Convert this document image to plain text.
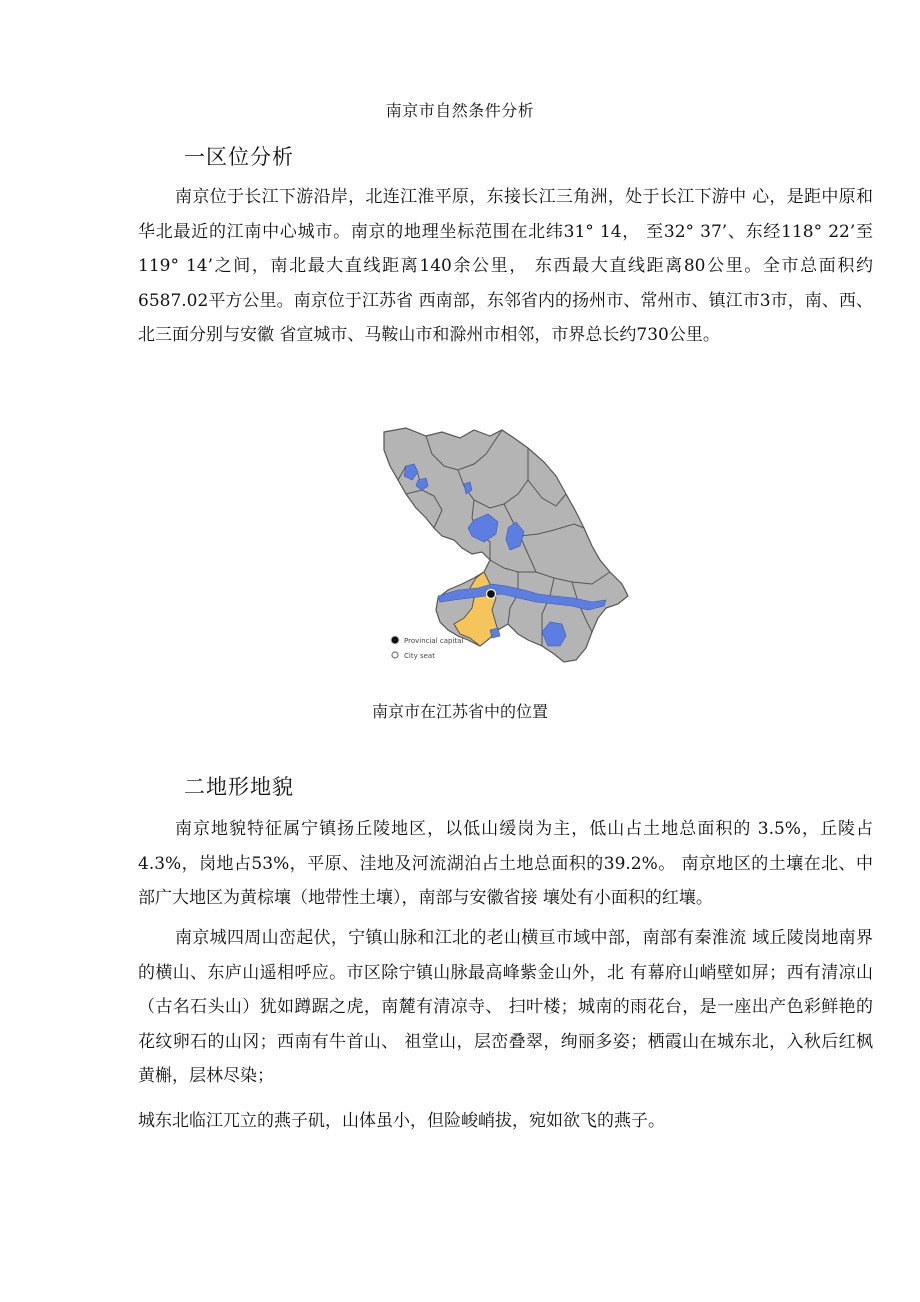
南京市自然条件分析
一区位分析

南京位于长江下游沿岸，北连江淮平原，东接长江三角洲，处于长江下游中 心，是距中原和华北最近的江南中心城市。南京的地理坐标范围在北纬31° 14， 至32° 37’、东经118° 22’至119° 14’之间，南北最大直线距离140余公里， 东西最大直线距离80公里。全市总面积约6587.02平方公里。南京位于江苏省 西南部，东邻省内的扬州市、常州市、镇江市3市，南、西、北三面分别与安徽 省宣城市、马鞍山市和滁州市相邻，市界总长约730公里。

Provincial capital
City seat
南京市在江苏省中的位置
二地形地貌

南京地貌特征属宁镇扬丘陵地区，以低山缓岗为主，低山占土地总面积的 3.5%，丘陵占4.3%，岗地占53%，平原、洼地及河流湖泊占土地总面积的39.2%。 南京地区的土壤在北、中部广大地区为黄棕壤（地带性土壤），南部与安徽省接 壤处有小面积的红壤。

南京城四周山峦起伏，宁镇山脉和江北的老山横亘市域中部，南部有秦淮流 域丘陵岗地南界的横山、东庐山遥相呼应。市区除宁镇山脉最高峰紫金山外，北 有幕府山峭壁如屏；西有清凉山（古名石头山）犹如蹲踞之虎，南麓有清凉寺、 扫叶楼；城南的雨花台，是一座出产色彩鲜艳的花纹卵石的山冈；西南有牛首山、 祖堂山，层峦叠翠，绚丽多姿；栖霞山在城东北，入秋后红枫黄槲，层林尽染；

城东北临江兀立的燕子矶，山体虽小，但险峻峭拔，宛如欲飞的燕子。
